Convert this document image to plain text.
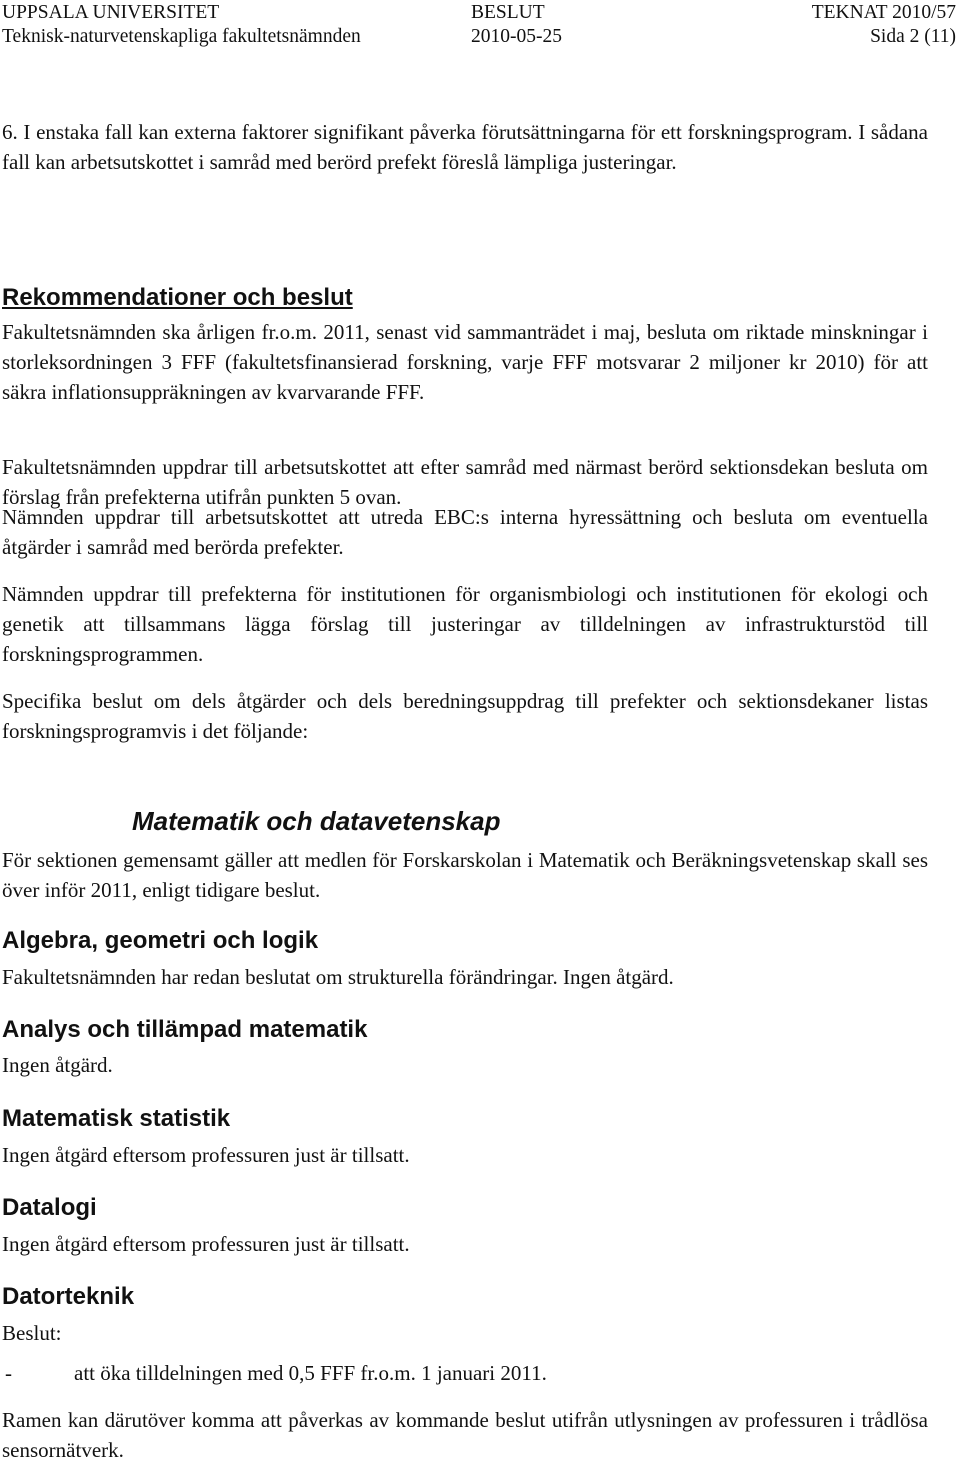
UPPSALA UNIVERSITET
Teknisk-naturvetenskapliga fakultetsnämnden
BESLUT
2010-05-25
TEKNAT 2010/57
Sida 2 (11)

6. I enstaka fall kan externa faktorer signifikant påverka förutsättningarna för ett forskningsprogram. I sådana fall kan arbetsutskottet i samråd med berörd prefekt föreslå lämpliga justeringar.

Rekommendationer och beslut

Fakultetsnämnden ska årligen fr.o.m. 2011, senast vid sammanträdet i maj, besluta om riktade minskningar i storleksordningen 3 FFF (fakultetsfinansierad forskning, varje FFF motsvarar 2 miljoner kr 2010) för att säkra inflationsuppräkningen av kvarvarande FFF.

Fakultetsnämnden uppdrar till arbetsutskottet att efter samråd med närmast berörd sektionsdekan besluta om förslag från prefekterna utifrån punkten 5 ovan.

Nämnden uppdrar till arbetsutskottet att utreda EBC:s interna hyressättning och besluta om eventuella åtgärder i samråd med berörda prefekter.

Nämnden uppdrar till prefekterna för institutionen för organismbiologi och institutionen för ekologi och genetik att tillsammans lägga förslag till justeringar av tilldelningen av infrastrukturstöd till forskningsprogrammen.

Specifika beslut om dels åtgärder och dels beredningsuppdrag till prefekter och sektionsdekaner listas forskningsprogramvis i det följande:

Matematik och datavetenskap

För sektionen gemensamt gäller att medlen för Forskarskolan i Matematik och Beräkningsvetenskap skall ses över inför 2011, enligt tidigare beslut.

Algebra, geometri och logik

Fakultetsnämnden har redan beslutat om strukturella förändringar. Ingen åtgärd.

Analys och tillämpad matematik

Ingen åtgärd.

Matematisk statistik

Ingen åtgärd eftersom professuren just är tillsatt.

Datalogi

Ingen åtgärd eftersom professuren just är tillsatt.

Datorteknik

Beslut:

-	att öka tilldelningen med 0,5 FFF fr.o.m. 1 januari 2011.

Ramen kan därutöver komma att påverkas av kommande beslut utifrån utlysningen av professuren i trådlösa sensornätverk.
